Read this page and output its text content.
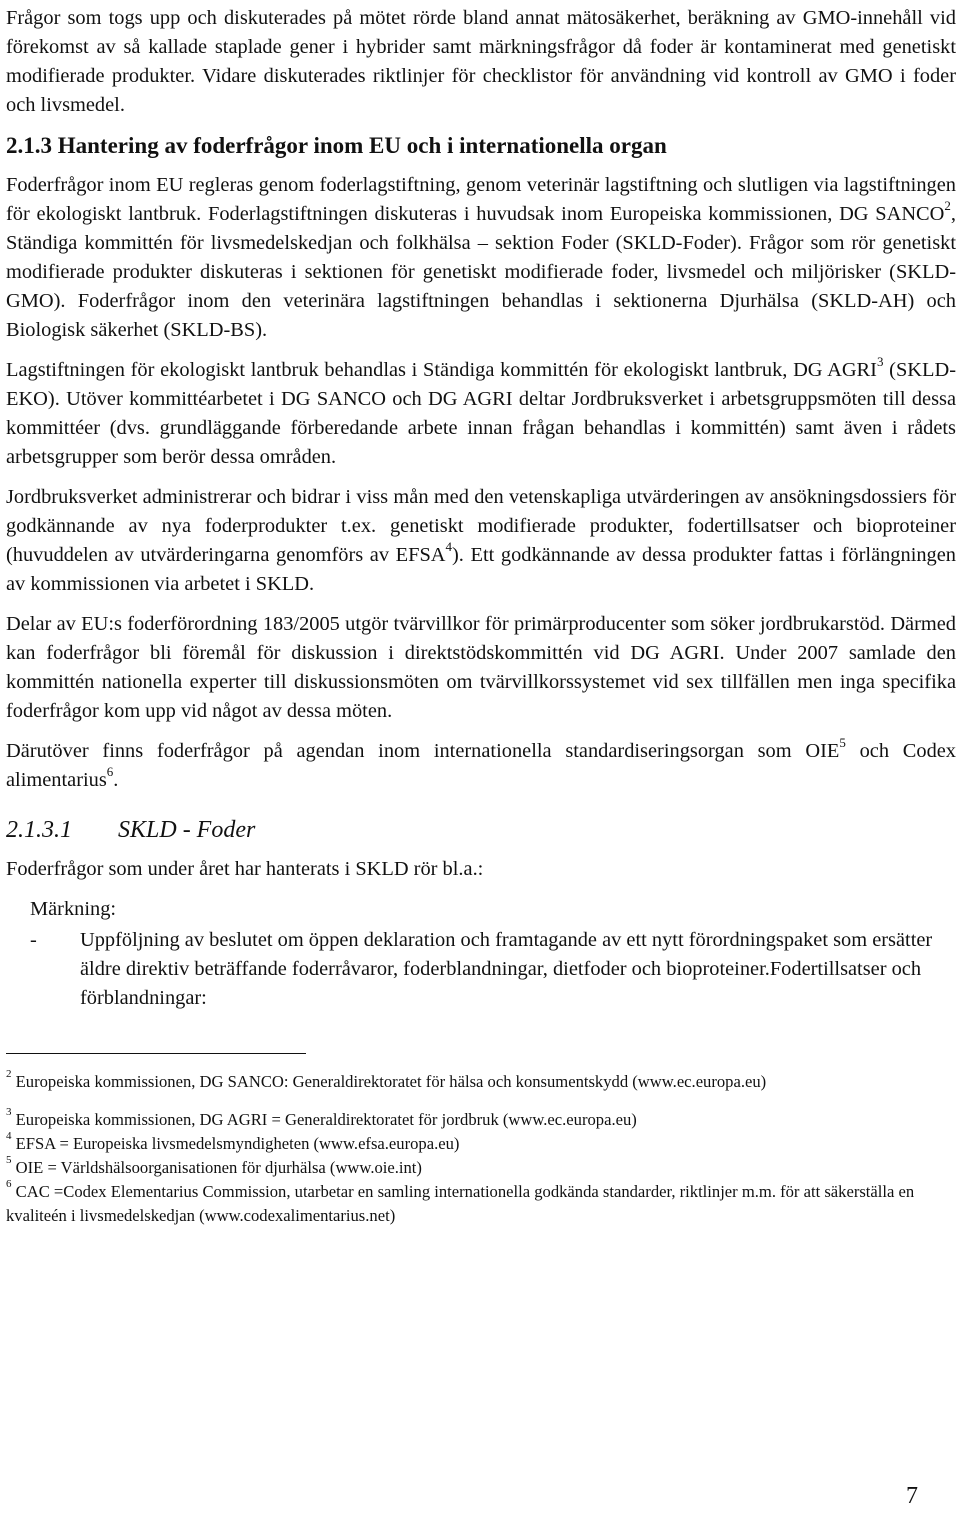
Frågor som togs upp och diskuterades på mötet rörde bland annat mätosäkerhet, beräkning av GMO-innehåll vid förekomst av så kallade staplade gener i hybrider samt märkningsfrågor då foder är kontaminerat med genetiskt modifierade produkter. Vidare diskuterades riktlinjer för checklistor för användning vid kontroll av GMO i foder och livsmedel.

2.1.3 Hantering av foderfrågor inom EU och i internationella organ

Foderfrågor inom EU regleras genom foderlagstiftning, genom veterinär lagstiftning och slutligen via lagstiftningen för ekologiskt lantbruk. Foderlagstiftningen diskuteras i huvudsak inom Europeiska kommissionen, DG SANCO$^2$, Ständiga kommittén för livsmedelskedjan och folkhälsa – sektion Foder (SKLD-Foder). Frågor som rör genetiskt modifierade produkter diskuteras i sektionen för genetiskt modifierade foder, livsmedel och miljörisker (SKLD-GMO). Foderfrågor inom den veterinära lagstiftningen behandlas i sektionerna Djurhälsa (SKLD-AH) och Biologisk säkerhet (SKLD-BS).

Lagstiftningen för ekologiskt lantbruk behandlas i Ständiga kommittén för ekologiskt lantbruk, DG AGRI$^3$ (SKLD-EKO). Utöver kommittéarbetet i DG SANCO och DG AGRI deltar Jordbruksverket i arbetsgruppsmöten till dessa kommittéer (dvs. grundläggande förberedande arbete innan frågan behandlas i kommittén) samt även i rådets arbetsgrupper som berör dessa områden.

Jordbruksverket administrerar och bidrar i viss mån med den vetenskapliga utvärderingen av ansökningsdossiers för godkännande av nya foderprodukter t.ex. genetiskt modifierade produkter, fodertillsatser och bioproteiner (huvuddelen av utvärderingarna genomförs av EFSA$^4$). Ett godkännande av dessa produkter fattas i förlängningen av kommissionen via arbetet i SKLD.

Delar av EU:s foderförordning 183/2005 utgör tvärvillkor för primärproducenter som söker jordbrukarstöd. Därmed kan foderfrågor bli föremål för diskussion i direktstödskommittén vid DG AGRI. Under 2007 samlade den kommittén nationella experter till diskussionsmöten om tvärvillkorssystemet vid sex tillfällen men inga specifika foderfrågor kom upp vid något av dessa möten.

Därutöver finns foderfrågor på agendan inom internationella standardiseringsorgan som OIE$^5$ och Codex alimentarius$^6$.

2.1.3.1 SKLD - Foder

Foderfrågor som under året har hanterats i SKLD rör bl.a.:

Märkning:

- Uppföljning av beslutet om öppen deklaration och framtagande av ett nytt förordningspaket som ersätter äldre direktiv beträffande foderråvaror, foderblandningar, dietfoder och bioproteiner.Fodertillsatser och förblandningar:

$^2$ Europeiska kommissionen, DG SANCO: Generaldirektoratet för hälsa och konsumentskydd (www.ec.europa.eu)

$^3$ Europeiska kommissionen, DG AGRI = Generaldirektoratet för jordbruk (www.ec.europa.eu)

$^4$ EFSA = Europeiska livsmedelsmyndigheten (www.efsa.europa.eu)

$^5$ OIE = Världshälsoorganisationen för djurhälsa (www.oie.int)

$^6$ CAC =Codex Elementarius Commission, utarbetar en samling internationella godkända standarder, riktlinjer m.m. för att säkerställa en kvaliteén i livsmedelskedjan (www.codexalimentarius.net)

7
